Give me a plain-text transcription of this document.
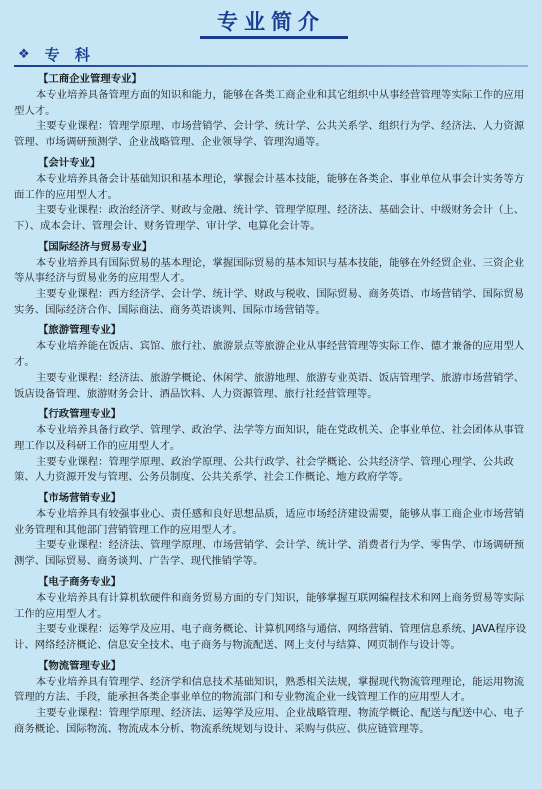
专业简介
❖ 专 科
【工商企业管理专业】

本专业培养具备管理方面的知识和能力，能够在各类工商企业和其它组织中从事经营管理等实际工作的应用型人才。

主要专业课程：管理学原理、市场营销学、会计学、统计学、公共关系学、组织行为学、经济法、人力资源管理、市场调研预测学、企业战略管理、企业领导学、管理沟通等。

【会计专业】

本专业培养具备会计基础知识和基本理论，掌握会计基本技能，能够在各类企、事业单位从事会计实务等方面工作的应用型人才。

主要专业课程：政治经济学、财政与金融、统计学、管理学原理、经济法、基础会计、中级财务会计（上、下）、成本会计、管理会计、财务管理学、审计学、电算化会计等。

【国际经济与贸易专业】

本专业培养具有国际贸易的基本理论，掌握国际贸易的基本知识与基本技能，能够在外经贸企业、三资企业等从事经济与贸易业务的应用型人才。

主要专业课程：西方经济学、会计学、统计学、财政与税收、国际贸易、商务英语、市场营销学、国际贸易实务、国际经济合作、国际商法、商务英语谈判、国际市场营销等。

【旅游管理专业】

本专业培养能在饭店、宾馆、旅行社、旅游景点等旅游企业从事经营管理等实际工作、德才兼备的应用型人才。

主要专业课程：经济法、旅游学概论、休闲学、旅游地理、旅游专业英语、饭店管理学、旅游市场营销学、饭店设备管理、旅游财务会计、酒品饮料、人力资源管理、旅行社经营管理等。

【行政管理专业】

本专业培养具备行政学、管理学、政治学、法学等方面知识，能在党政机关、企事业单位、社会团体从事管理工作以及科研工作的应用型人才。

主要专业课程：管理学原理、政治学原理、公共行政学、社会学概论、公共经济学、管理心理学、公共政策、人力资源开发与管理、公务员制度、公共关系学、社会工作概论、地方政府学等。

【市场营销专业】

本专业培养具有较强事业心、责任感和良好思想品质，适应市场经济建设需要，能够从事工商企业市场营销业务管理和其他部门营销管理工作的应用型人才。

主要专业课程：经济法、管理学原理、市场营销学、会计学、统计学、消费者行为学、零售学、市场调研预测学、国际贸易、商务谈判、广告学、现代推销学等。

【电子商务专业】

本专业培养具有计算机软硬件和商务贸易方面的专门知识，能够掌握互联网编程技术和网上商务贸易等实际工作的应用型人才。

主要专业课程：运筹学及应用、电子商务概论、计算机网络与通信、网络营销、管理信息系统、JAVA程序设计、网络经济概论、信息安全技术、电子商务与物流配送、网上支付与结算、网页制作与设计等。

【物流管理专业】

本专业培养具有管理学、经济学和信息技术基础知识，熟悉相关法规，掌握现代物流管理理论，能运用物流管理的方法、手段，能承担各类企事业单位的物流部门和专业物流企业一线管理工作的应用型人才。

主要专业课程：管理学原理、经济法、运筹学及应用、企业战略管理、物流学概论、配送与配送中心、电子商务概论、国际物流、物流成本分析、物流系统规划与设计、采购与供应、供应链管理等。
